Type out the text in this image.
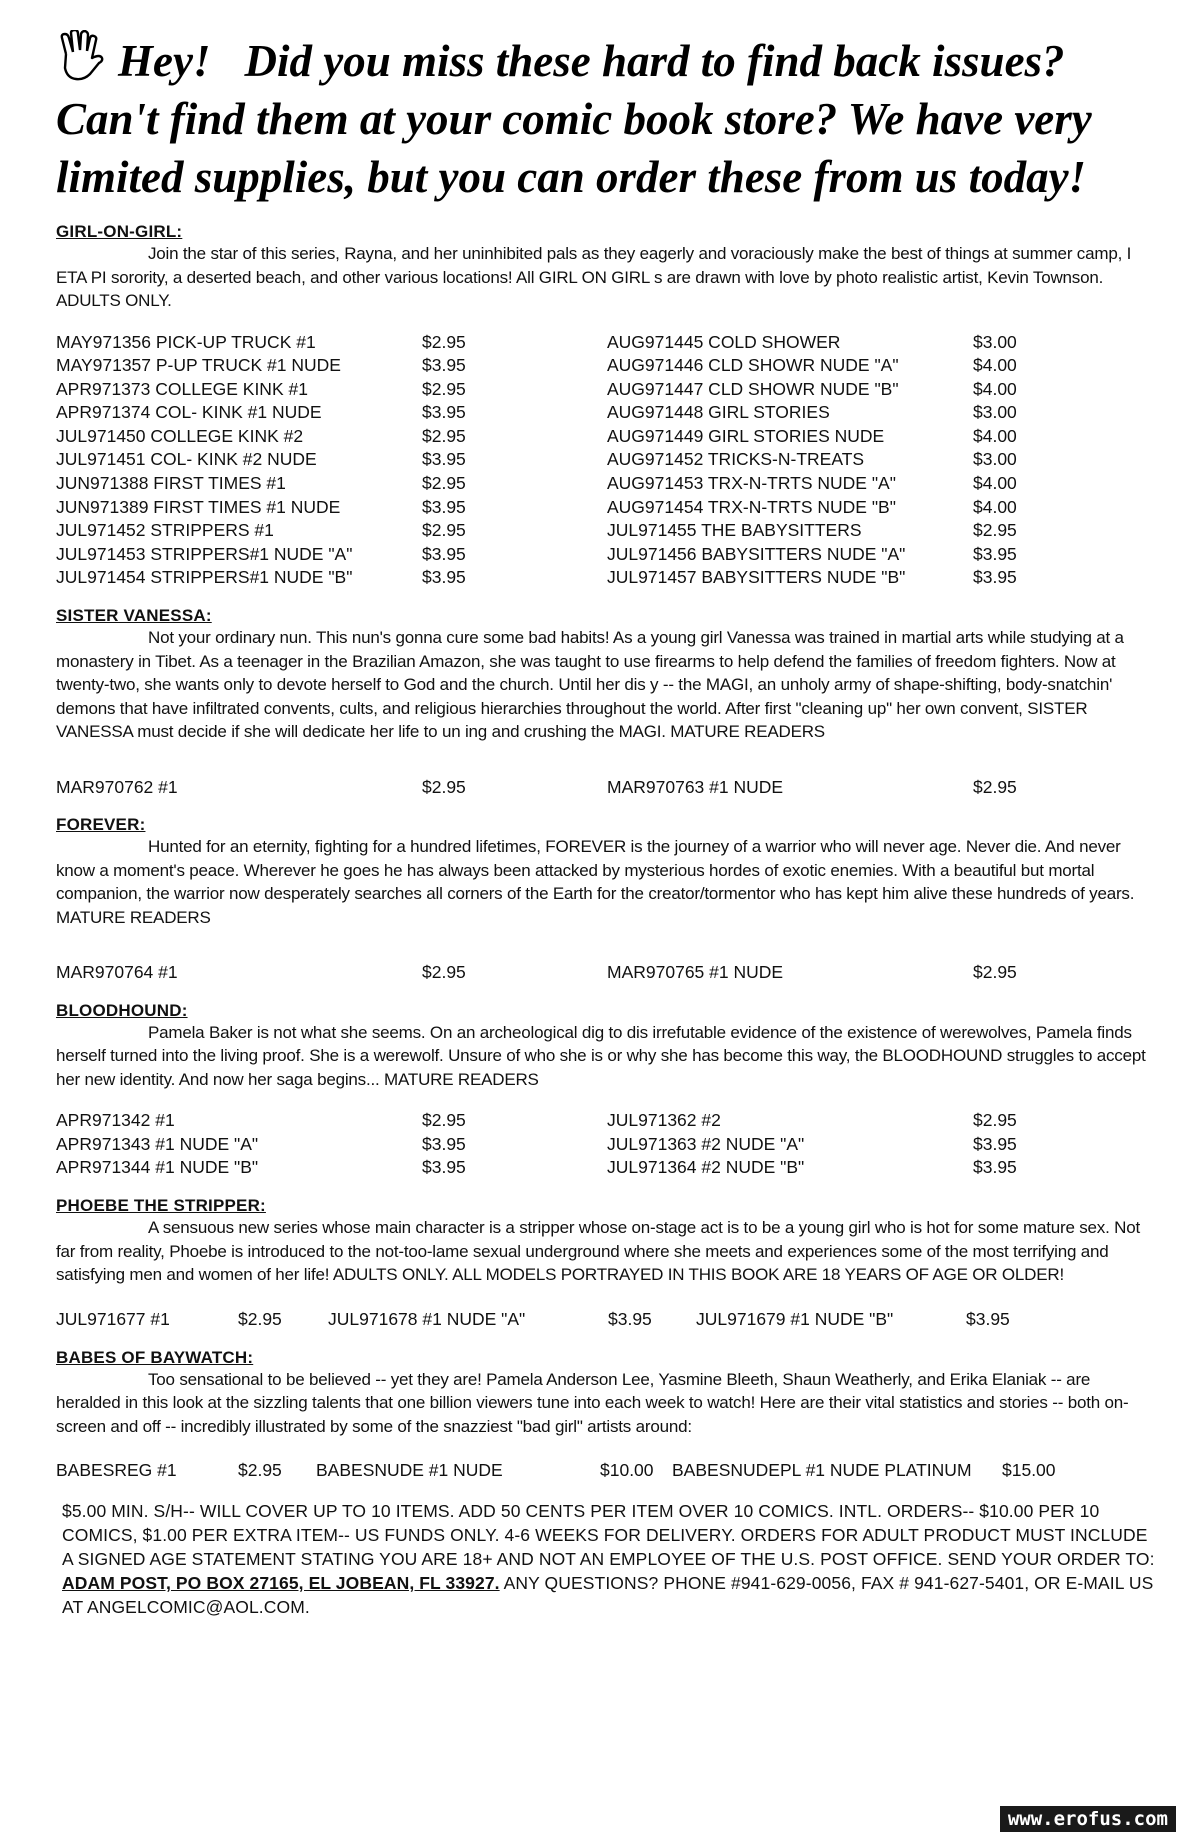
Hey! Did you miss these hard to find back issues?
Can't find them at your comic book store? We have very
limited supplies, but you can order these from us today!

GIRL-ON-GIRL:

Join the star of this series, Rayna, and her uninhibited pals as they eagerly and voraciously make the best of things at summer camp, I ETA PI sorority, a deserted beach, and other various locations! All GIRL ON GIRL s are drawn with love by photo realistic artist, Kevin Townson. ADULTS ONLY.

MAY971356 PICK-UP TRUCK #1	$2.95	AUG971445 COLD SHOWER	$3.00
MAY971357 P-UP TRUCK #1 NUDE	$3.95	AUG971446 CLD SHOWR NUDE "A"	$4.00
APR971373 COLLEGE KINK #1	$2.95	AUG971447 CLD SHOWR NUDE "B"	$4.00
APR971374 COL- KINK #1 NUDE	$3.95	AUG971448 GIRL STORIES	$3.00
JUL971450 COLLEGE KINK #2	$2.95	AUG971449 GIRL STORIES NUDE	$4.00
JUL971451 COL- KINK #2 NUDE	$3.95	AUG971452 TRICKS-N-TREATS	$3.00
JUN971388 FIRST TIMES #1	$2.95	AUG971453 TRX-N-TRTS NUDE "A"	$4.00
JUN971389 FIRST TIMES #1 NUDE	$3.95	AUG971454 TRX-N-TRTS NUDE "B"	$4.00
JUL971452 STRIPPERS #1	$2.95	JUL971455 THE BABYSITTERS	$2.95
JUL971453 STRIPPERS#1 NUDE "A"	$3.95	JUL971456 BABYSITTERS NUDE "A"	$3.95
JUL971454 STRIPPERS#1 NUDE "B"	$3.95	JUL971457 BABYSITTERS NUDE "B"	$3.95

SISTER VANESSA:

Not your ordinary nun. This nun's gonna cure some bad habits! As a young girl Vanessa was trained in martial arts while studying at a monastery in Tibet. As a teenager in the Brazilian Amazon, she was taught to use firearms to help defend the families of freedom fighters. Now at twenty-two, she wants only to devote herself to God and the church. Until her dis y -- the MAGI, an unholy army of shape-shifting, body-snatchin' demons that have infiltrated convents, cults, and religious hierarchies throughout the world. After first "cleaning up" her own convent, SISTER VANESSA must decide if she will dedicate her life to un ing and crushing the MAGI. MATURE READERS

MAR970762 #1	$2.95	MAR970763 #1 NUDE	$2.95

FOREVER:

Hunted for an eternity, fighting for a hundred lifetimes, FOREVER is the journey of a warrior who will never age. Never die. And never know a moment's peace. Wherever he goes he has always been attacked by mysterious hordes of exotic enemies. With a beautiful but mortal companion, the warrior now desperately searches all corners of the Earth for the creator/tormentor who has kept him alive these hundreds of years. MATURE READERS

MAR970764 #1	$2.95	MAR970765 #1 NUDE	$2.95

BLOODHOUND:

Pamela Baker is not what she seems. On an archeological dig to dis irrefutable evidence of the existence of werewolves, Pamela finds herself turned into the living proof. She is a werewolf. Unsure of who she is or why she has become this way, the BLOODHOUND struggles to accept her new identity. And now her saga begins... MATURE READERS

APR971342 #1	$2.95	JUL971362 #2	$2.95
APR971343 #1 NUDE "A"	$3.95	JUL971363 #2 NUDE "A"	$3.95
APR971344 #1 NUDE "B"	$3.95	JUL971364 #2 NUDE "B"	$3.95

PHOEBE THE STRIPPER:

A sensuous new series whose main character is a stripper whose on-stage act is to be a young girl who is hot for some mature sex. Not far from reality, Phoebe is introduced to the not-too-lame sexual underground where she meets and experiences some of the most terrifying and satisfying men and women of her life! ADULTS ONLY. ALL MODELS PORTRAYED IN THIS BOOK ARE 18 YEARS OF AGE OR OLDER!

JUL971677 #1	$2.95	JUL971678 #1 NUDE "A"	$3.95	JUL971679 #1 NUDE "B"	$3.95

BABES OF BAYWATCH:

Too sensational to be believed -- yet they are! Pamela Anderson Lee, Yasmine Bleeth, Shaun Weatherly, and Erika Elaniak -- are heralded in this look at the sizzling talents that one billion viewers tune into each week to watch! Here are their vital statistics and stories -- both on-screen and off -- incredibly illustrated by some of the snazziest "bad girl" artists around:

BABESREG #1	$2.95	BABESNUDE #1 NUDE	$10.00	BABESNUDEPL #1 NUDE PLATINUM	$15.00
$5.00 MIN. S/H-- WILL COVER UP TO 10 ITEMS. ADD 50 CENTS PER ITEM OVER 10 COMICS. INTL. ORDERS-- $10.00 PER 10 COMICS, $1.00 PER EXTRA ITEM-- US FUNDS ONLY. 4-6 WEEKS FOR DELIVERY. ORDERS FOR ADULT PRODUCT MUST INCLUDE A SIGNED AGE STATEMENT STATING YOU ARE 18+ AND NOT AN EMPLOYEE OF THE U.S. POST OFFICE. SEND YOUR ORDER TO: ADAM POST, PO BOX 27165, EL JOBEAN, FL 33927. ANY QUESTIONS? PHONE #941-629-0056, FAX # 941-627-5401, OR E-MAIL US AT ANGELCOMIC@AOL.COM.
www.erofus.com
